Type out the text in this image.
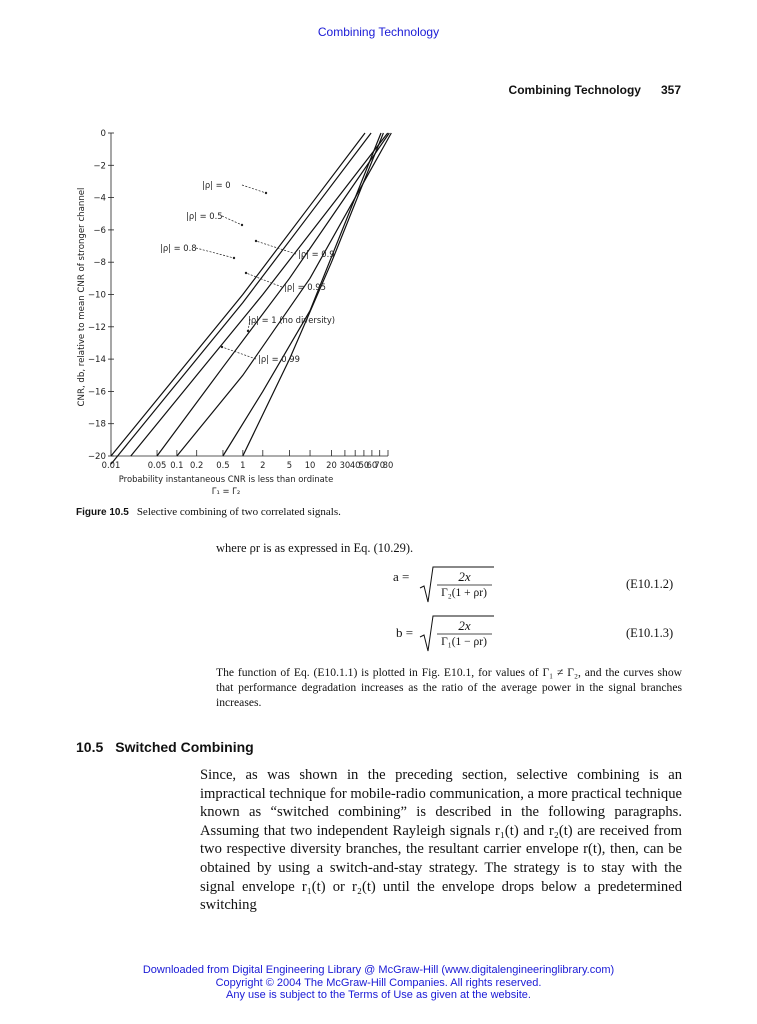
Combining Technology
Combining Technology 357
0
−2
−4
−6
−8
−10
−12
−14
−16
−18
−20
0.01	0.05 0.1 0.2 0.5 1 2	5 10 20 30 40
50
60
70
80
|ρ| = 0
|ρ| = 0.5
|ρ| = 0.8
|ρ| = 0.9
|ρ| = 0.95
|ρ| = 1 (no diversity)
|ρ| = 0.99
CNR, db, relative to mean CNR of stronger channel
Probability instantaneous CNR is less than ordinate
Γ₁ = Γ₂
Figure 10.5 Selective combining of two correlated signals.
where ρr is as expressed in Eq. (10.29).
a =	2x
Γ₂(1 + ρr)
(E10.1.2)
b =	2x
Γ₁(1 − ρr)
(E10.1.3)
The function of Eq. (E10.1.1) is plotted in Fig. E10.1, for values of Γ₁ ≠ Γ₂, and the curves show that performance degradation increases as the ratio of the average power in the signal branches increases.
10.5 Switched Combining
Since, as was shown in the preceding section, selective combining is an impractical technique for mobile-radio communication, a more practical technique known as “switched combining” is described in the following paragraphs. Assuming that two independent Rayleigh signals r₁(t) and r₂(t) are received from two respective diversity branches, the resultant carrier envelope r(t), then, can be obtained by using a switch-and-stay strategy. The strategy is to stay with the signal envelope r₁(t) or r₂(t) until the envelope drops below a predetermined switching
Downloaded from Digital Engineering Library @ McGraw-Hill (www.digitalengineeringlibrary.com)
Copyright © 2004 The McGraw-Hill Companies. All rights reserved.
Any use is subject to the Terms of Use as given at the website.
